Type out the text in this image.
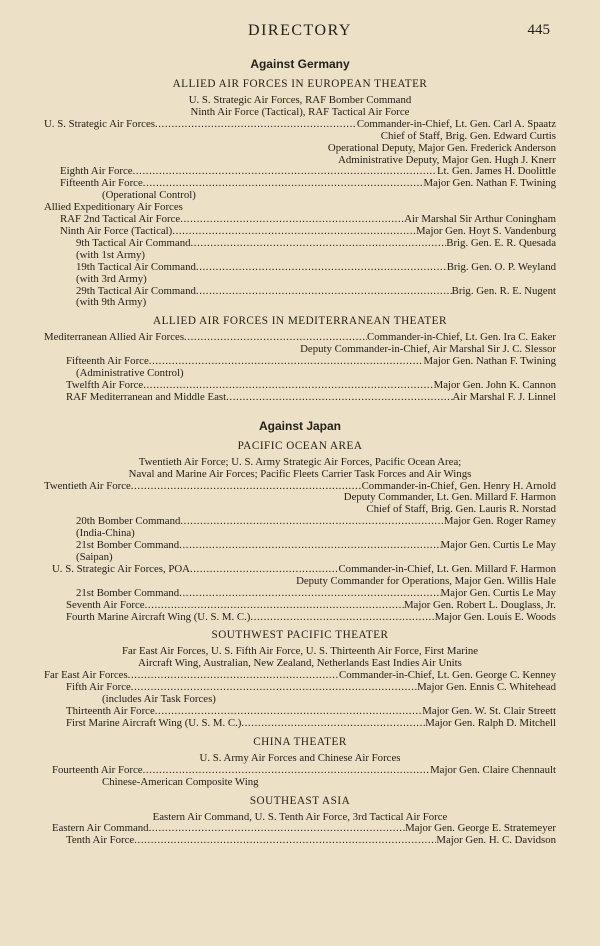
DIRECTORY	445
Against Germany
ALLIED AIR FORCES IN EUROPEAN THEATER
U. S. Strategic Air Forces, RAF Bomber Command
Ninth Air Force (Tactical), RAF Tactical Air Force
U. S. Strategic Air Forces .....	Commander-in-Chief, Lt. Gen. Carl A. Spaatz
Chief of Staff, Brig. Gen. Edward Curtis
Operational Deputy, Major Gen. Frederick Anderson
Administrative Deputy, Major Gen. Hugh J. Knerr
Eighth Air Force .....	Lt. Gen. James H. Doolittle
Fifteenth Air Force .....	Major Gen. Nathan F. Twining
(Operational Control)
Allied Expeditionary Air Forces
RAF 2nd Tactical Air Force .....	Air Marshal Sir Arthur Coningham
Ninth Air Force (Tactical) .....	Major Gen. Hoyt S. Vandenburg
9th Tactical Air Command .....	Brig. Gen. E. R. Quesada
(with 1st Army)
19th Tactical Air Command .....	Brig. Gen. O. P. Weyland
(with 3rd Army)
29th Tactical Air Command .....	Brig. Gen. R. E. Nugent
(with 9th Army)
ALLIED AIR FORCES IN MEDITERRANEAN THEATER
Mediterranean Allied Air Forces .....	Commander-in-Chief, Lt. Gen. Ira C. Eaker
Deputy Commander-in-Chief, Air Marshal Sir J. C. Slessor
Fifteenth Air Force .....	Major Gen. Nathan F. Twining
(Administrative Control)
Twelfth Air Force .....	Major Gen. John K. Cannon
RAF Mediterranean and Middle East .....	Air Marshal F. J. Linnel
Against Japan
PACIFIC OCEAN AREA
Twentieth Air Force; U. S. Army Strategic Air Forces, Pacific Ocean Area;
Naval and Marine Air Forces; Pacific Fleets Carrier Task Forces and Air Wings
Twentieth Air Force .....	Commander-in-Chief, Gen. Henry H. Arnold
Deputy Commander, Lt. Gen. Millard F. Harmon
Chief of Staff, Brig. Gen. Lauris R. Norstad
20th Bomber Command .....	Major Gen. Roger Ramey
(India-China)
21st Bomber Command .....	Major Gen. Curtis Le May
(Saipan)
U. S. Strategic Air Forces, POA .....	Commander-in-Chief, Lt. Gen. Millard F. Harmon
Deputy Commander for Operations, Major Gen. Willis Hale
21st Bomber Command .....	Major Gen. Curtis Le May
Seventh Air Force .....	Major Gen. Robert L. Douglass, Jr.
Fourth Marine Aircraft Wing (U. S. M. C.) .....	Major Gen. Louis E. Woods
SOUTHWEST PACIFIC THEATER
Far East Air Forces, U. S. Fifth Air Force, U. S. Thirteenth Air Force, First Marine
Aircraft Wing, Australian, New Zealand, Netherlands East Indies Air Units
Far East Air Forces .....	Commander-in-Chief, Lt. Gen. George C. Kenney
Fifth Air Force .....	Major Gen. Ennis C. Whitehead
(includes Air Task Forces)
Thirteenth Air Force .....	Major Gen. W. St. Clair Streett
First Marine Aircraft Wing (U. S. M. C.) .....	Major Gen. Ralph D. Mitchell
CHINA THEATER
U. S. Army Air Forces and Chinese Air Forces
Fourteenth Air Force .....	Major Gen. Claire Chennault
Chinese-American Composite Wing
SOUTHEAST ASIA
Eastern Air Command, U. S. Tenth Air Force, 3rd Tactical Air Force
Eastern Air Command .....	Major Gen. George E. Stratemeyer
Tenth Air Force .....	Major Gen. H. C. Davidson
